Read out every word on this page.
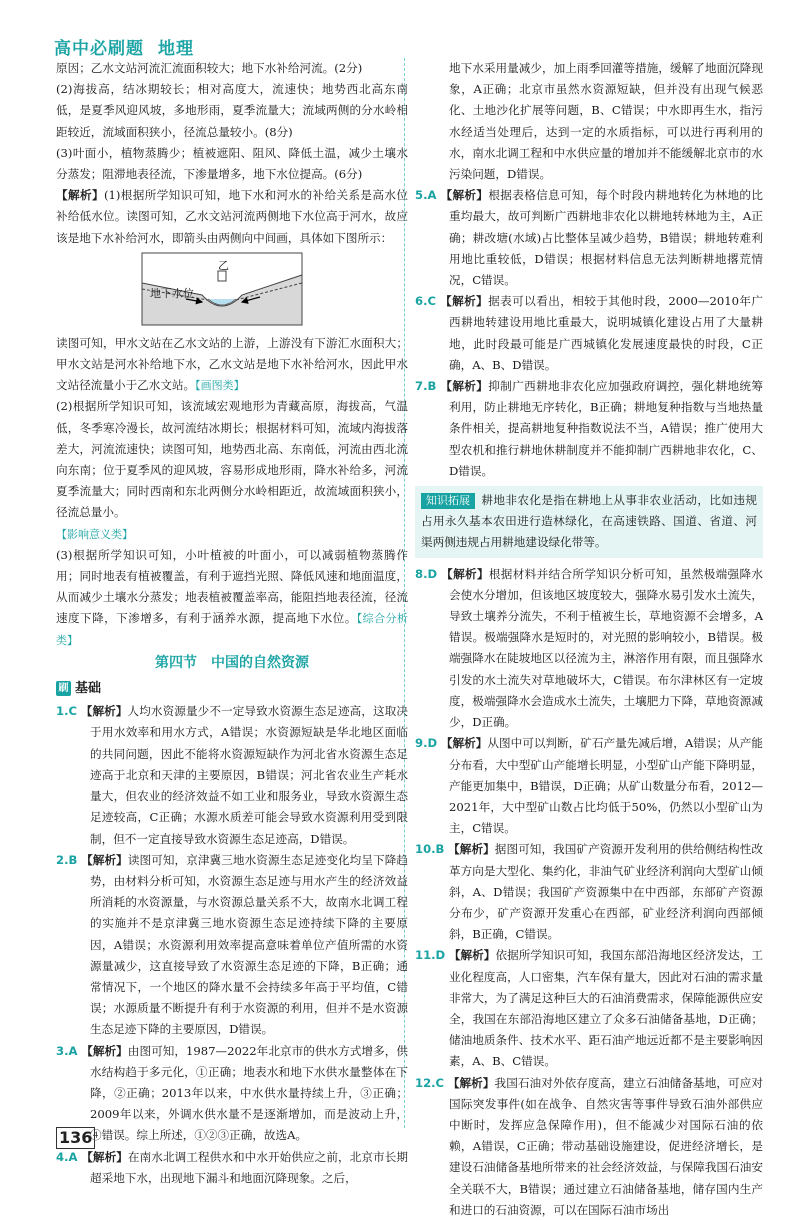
高中必刷题 地理

原因；乙水文站河流汇流面积较大；地下水补给河流。(2分)

(2)海拔高，结冰期较长；相对高度大，流速快；地势西北高东南低，是夏季风迎风坡，多地形雨，夏季流量大；流域两侧的分水岭相距较近，流域面积狭小，径流总量较小。(8分)

(3)叶面小，植物蒸腾少；植被遮阳、阻风、降低土温，减少土壤水分蒸发；阻滞地表径流，下渗量增多，地下水位提高。(6分)

【解析】(1)根据所学知识可知，地下水和河水的补给关系是高水位补给低水位。读图可知，乙水文站河流两侧地下水位高于河水，故应该是地下水补给河水，即箭头由两侧向中间画，具体如下图所示：

地下水位
乙

读图可知，甲水文站在乙水文站的上游，上游没有下游汇水面积大；甲水文站是河水补给地下水，乙水文站是地下水补给河水，因此甲水文站径流量小于乙水文站。【画图类】

(2)根据所学知识可知，该流域宏观地形为青藏高原，海拔高，气温低，冬季寒冷漫长，故河流结冰期长；根据材料可知，流域内海拔落差大，河流流速快；读图可知，地势西北高、东南低，河流由西北流向东南；位于夏季风的迎风坡，容易形成地形雨，降水补给多，河流夏季流量大；同时西南和东北两侧分水岭相距近，故流域面积狭小，径流总量小。

【影响意义类】

(3)根据所学知识可知，小叶植被的叶面小，可以减弱植物蒸腾作用；同时地表有植被覆盖，有利于遮挡光照、降低风速和地面温度，从而减少土壤水分蒸发；地表植被覆盖率高，能阻挡地表径流，径流速度下降，下渗增多，有利于涵养水源，提高地下水位。【综合分析类】

第四节　中国的自然资源
刷 基础

1.C 【解析】人均水资源量少不一定导致水资源生态足迹高，这取决于用水效率和用水方式，A错误；水资源短缺是华北地区面临的共同问题，因此不能将水资源短缺作为河北省水资源生态足迹高于北京和天津的主要原因，B错误；河北省农业生产耗水量大，但农业的经济效益不如工业和服务业，导致水资源生态足迹较高，C正确；水源水质差可能会导致水资源利用受到限制，但不一定直接导致水资源生态足迹高，D错误。

2.B 【解析】读图可知，京津冀三地水资源生态足迹变化均呈下降趋势，由材料分析可知，水资源生态足迹与用水产生的经济效益所消耗的水资源量，与水资源总量关系不大，故南水北调工程的实施并不是京津冀三地水资源生态足迹持续下降的主要原因，A错误；水资源利用效率提高意味着单位产值所需的水资源量减少，这直接导致了水资源生态足迹的下降，B正确；通常情况下，一个地区的降水量不会持续多年高于平均值，C错误；水源质量不断提升有利于水资源的利用，但并不是水资源生态足迹下降的主要原因，D错误。

3.A 【解析】由图可知，1987—2022年北京市的供水方式增多，供水结构趋于多元化，①正确；地表水和地下水供水量整体在下降，②正确；2013年以来，中水供水量持续上升，③正确；2009年以来，外调水供水量不是逐渐增加，而是波动上升，④错误。综上所述，①②③正确，故选A。

4.A 【解析】在南水北调工程供水和中水开始供应之前，北京市长期超采地下水，出现地下漏斗和地面沉降现象。之后，

地下水采用量减少，加上雨季回灌等措施，缓解了地面沉降现象，A正确；北京市虽然水资源短缺，但并没有出现气候恶化、土地沙化扩展等问题，B、C错误；中水即再生水，指污水经适当处理后，达到一定的水质指标，可以进行再利用的水，南水北调工程和中水供应量的增加并不能缓解北京市的水污染问题，D错误。

5.A 【解析】根据表格信息可知，每个时段内耕地转化为林地的比重均最大，故可判断广西耕地非农化以耕地转林地为主，A正确；耕改塘(水域)占比整体呈减少趋势，B错误；耕地转难利用地比重较低，D错误；根据材料信息无法判断耕地撂荒情况，C错误。

6.C 【解析】据表可以看出，相较于其他时段，2000—2010年广西耕地转建设用地比重最大，说明城镇化建设占用了大量耕地，此时段最可能是广西城镇化发展速度最快的时段，C正确，A、B、D错误。

7.B 【解析】抑制广西耕地非农化应加强政府调控，强化耕地统筹利用，防止耕地无序转化，B正确；耕地复种指数与当地热量条件相关，提高耕地复种指数说法不当，A错误；推广使用大型农机和推行耕地休耕制度并不能抑制广西耕地非农化，C、D错误。

知识拓展 耕地非农化是指在耕地上从事非农业活动，比如违规占用永久基本农田进行造林绿化，在高速铁路、国道、省道、河渠两侧违规占用耕地建设绿化带等。

8.D 【解析】根据材料并结合所学知识分析可知，虽然极端强降水会使水分增加，但该地区坡度较大，强降水易引发水土流失，导致土壤养分流失，不利于植被生长，草地资源不会增多，A错误。极端强降水是短时的，对光照的影响较小，B错误。极端强降水在陡坡地区以径流为主，淋溶作用有限，而且强降水引发的水土流失对草地破坏大，C错误。布尔津林区有一定坡度，极端强降水会造成水土流失，土壤肥力下降，草地资源减少，D正确。

9.D 【解析】从图中可以判断，矿石产量先减后增，A错误；从产能分布看，大中型矿山产能增长明显，小型矿山产能下降明显，产能更加集中，B错误，D正确；从矿山数量分布看，2012—2021年，大中型矿山数占比均低于50%，仍然以小型矿山为主，C错误。

10.B 【解析】据图可知，我国矿产资源开发利用的供给侧结构性改革方向是大型化、集约化，非油气矿业经济利润向大型矿山倾斜，A、D错误；我国矿产资源集中在中西部，东部矿产资源分布少，矿产资源开发重心在西部，矿业经济利润向西部倾斜，B正确，C错误。

11.D 【解析】依据所学知识可知，我国东部沿海地区经济发达，工业化程度高，人口密集，汽车保有量大，因此对石油的需求量非常大，为了满足这种巨大的石油消费需求，保障能源供应安全，我国在东部沿海地区建立了众多石油储备基地，D正确；储油地质条件、技术水平、距石油产地远近都不是主要影响因素，A、B、C错误。

12.C 【解析】我国石油对外依存度高，建立石油储备基地，可应对国际突发事件(如在战争、自然灾害等事件导致石油外部供应中断时，发挥应急保障作用)，但不能减少对国际石油的依赖，A错误，C正确；带动基础设施建设，促进经济增长，是建设石油储备基地所带来的社会经济效益，与保障我国石油安全关联不大，B错误；通过建立石油储备基地，储存国内生产和进口的石油资源，可以在国际石油市场出

136
